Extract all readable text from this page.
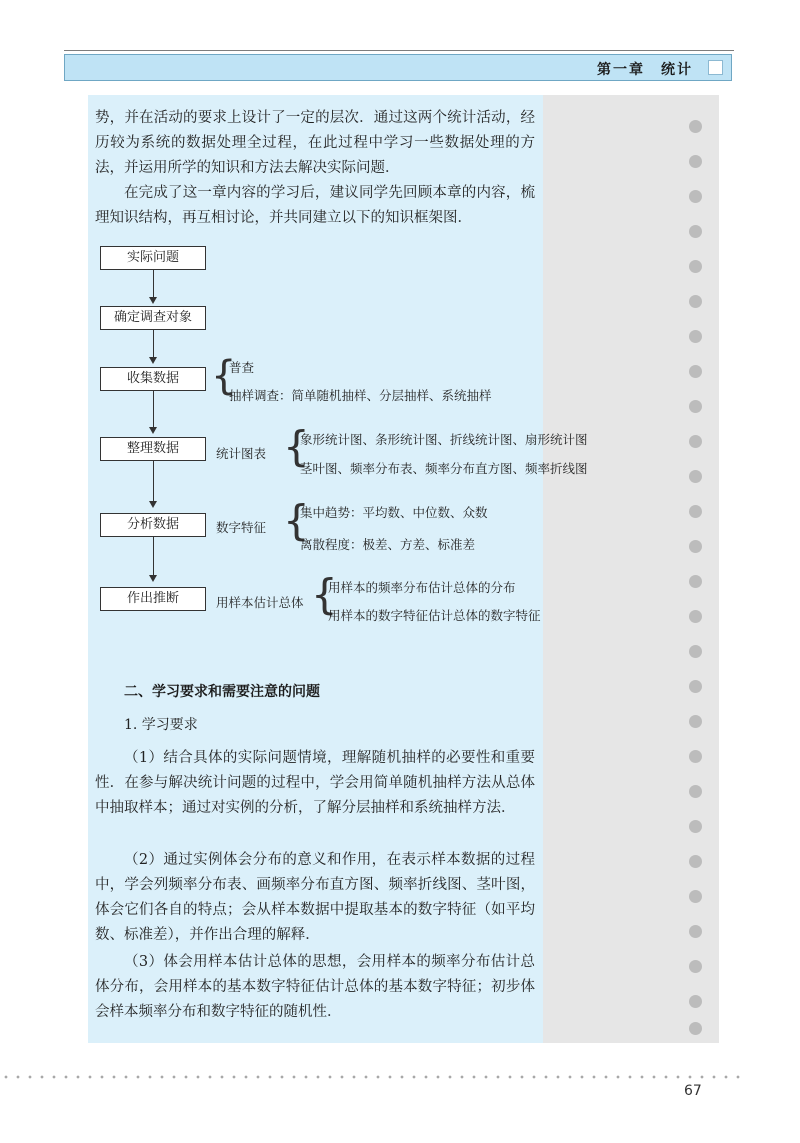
第一章　统计

势，并在活动的要求上设计了一定的层次．通过这两个统计活动，经历较为系统的数据处理全过程，在此过程中学习一些数据处理的方法，并运用所学的知识和方法去解决实际问题．

在完成了这一章内容的学习后，建议同学先回顾本章的内容，梳理知识结构，再互相讨论，并共同建立以下的知识框架图．

实际问题
确定调查对象
收集数据
整理数据
分析数据
作出推断
{
普查
抽样调查：简单随机抽样、分层抽样、系统抽样
统计图表 {
象形统计图、条形统计图、折线统计图、扇形统计图
茎叶图、频率分布表、频率分布直方图、频率折线图
数字特征 {
集中趋势：平均数、中位数、众数
离散程度：极差、方差、标准差
用样本估计总体 {
用样本的频率分布估计总体的分布
用样本的数字特征估计总体的数字特征
二、学习要求和需要注意的问题
1. 学习要求

（1）结合具体的实际问题情境，理解随机抽样的必要性和重要性．在参与解决统计问题的过程中，学会用简单随机抽样方法从总体中抽取样本；通过对实例的分析，了解分层抽样和系统抽样方法．

（2）通过实例体会分布的意义和作用，在表示样本数据的过程中，学会列频率分布表、画频率分布直方图、频率折线图、茎叶图，体会它们各自的特点；会从样本数据中提取基本的数字特征（如平均数、标准差），并作出合理的解释．

（3）体会用样本估计总体的思想，会用样本的频率分布估计总体分布，会用样本的基本数字特征估计总体的基本数字特征；初步体会样本频率分布和数字特征的随机性．

67
